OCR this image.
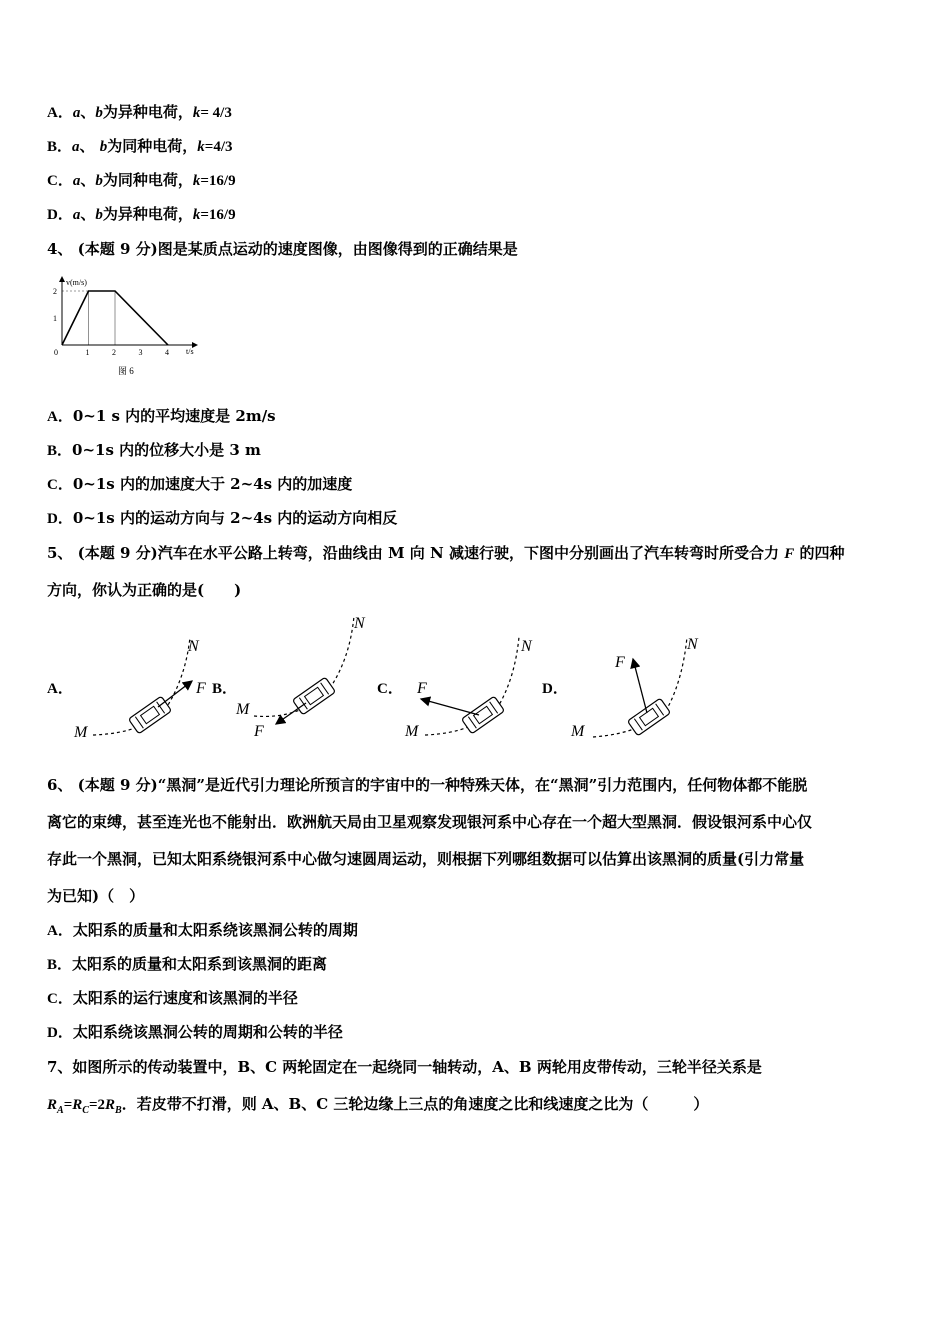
A．a、b为异种电荷，k= 4/3
B．a、 b为同种电荷，k=4/3
C．a、b为同种电荷，k=16/9
D．a、b为异种电荷，k=16/9
4、 (本题 9 分)图是某质点运动的速度图像，由图像得到的正确结果是
0	1	2	3	4
1
2
v(m/s)
t/s
图 6
A．0~1 s 内的平均速度是 2m/s
B．0~1s 内的位移大小是 3 m
C．0~1s 内的加速度大于 2~4s 内的加速度
D．0~1s 内的运动方向与 2~4s 内的运动方向相反
5、 (本题 9 分)汽车在水平公路上转弯，沿曲线由 M 向 N 减速行驶，下图中分别画出了汽车转弯时所受合力 F 的四种
方向，你认为正确的是(　　)
A．
M
N
F B．
M
N
F
C．
M
N
F	D．
M
N
F
6、 (本题 9 分)“黑洞”是近代引力理论所预言的宇宙中的一种特殊天体，在“黑洞”引力范围内，任何物体都不能脱
离它的束缚，甚至连光也不能射出．欧洲航天局由卫星观察发现银河系中心存在一个超大型黑洞．假设银河系中心仅
存此一个黑洞，已知太阳系绕银河系中心做匀速圆周运动，则根据下列哪组数据可以估算出该黑洞的质量(引力常量
为已知)（　）
A．太阳系的质量和太阳系绕该黑洞公转的周期
B．太阳系的质量和太阳系到该黑洞的距离
C．太阳系的运行速度和该黑洞的半径
D．太阳系绕该黑洞公转的周期和公转的半径
7、如图所示的传动装置中，B、C 两轮固定在一起绕同一轴转动，A、B 两轮用皮带传动，三轮半径关系是
$R_A=R_C=2R_B$．若皮带不打滑，则 A、B、C 三轮边缘上三点的角速度之比和线速度之比为（　　　）
